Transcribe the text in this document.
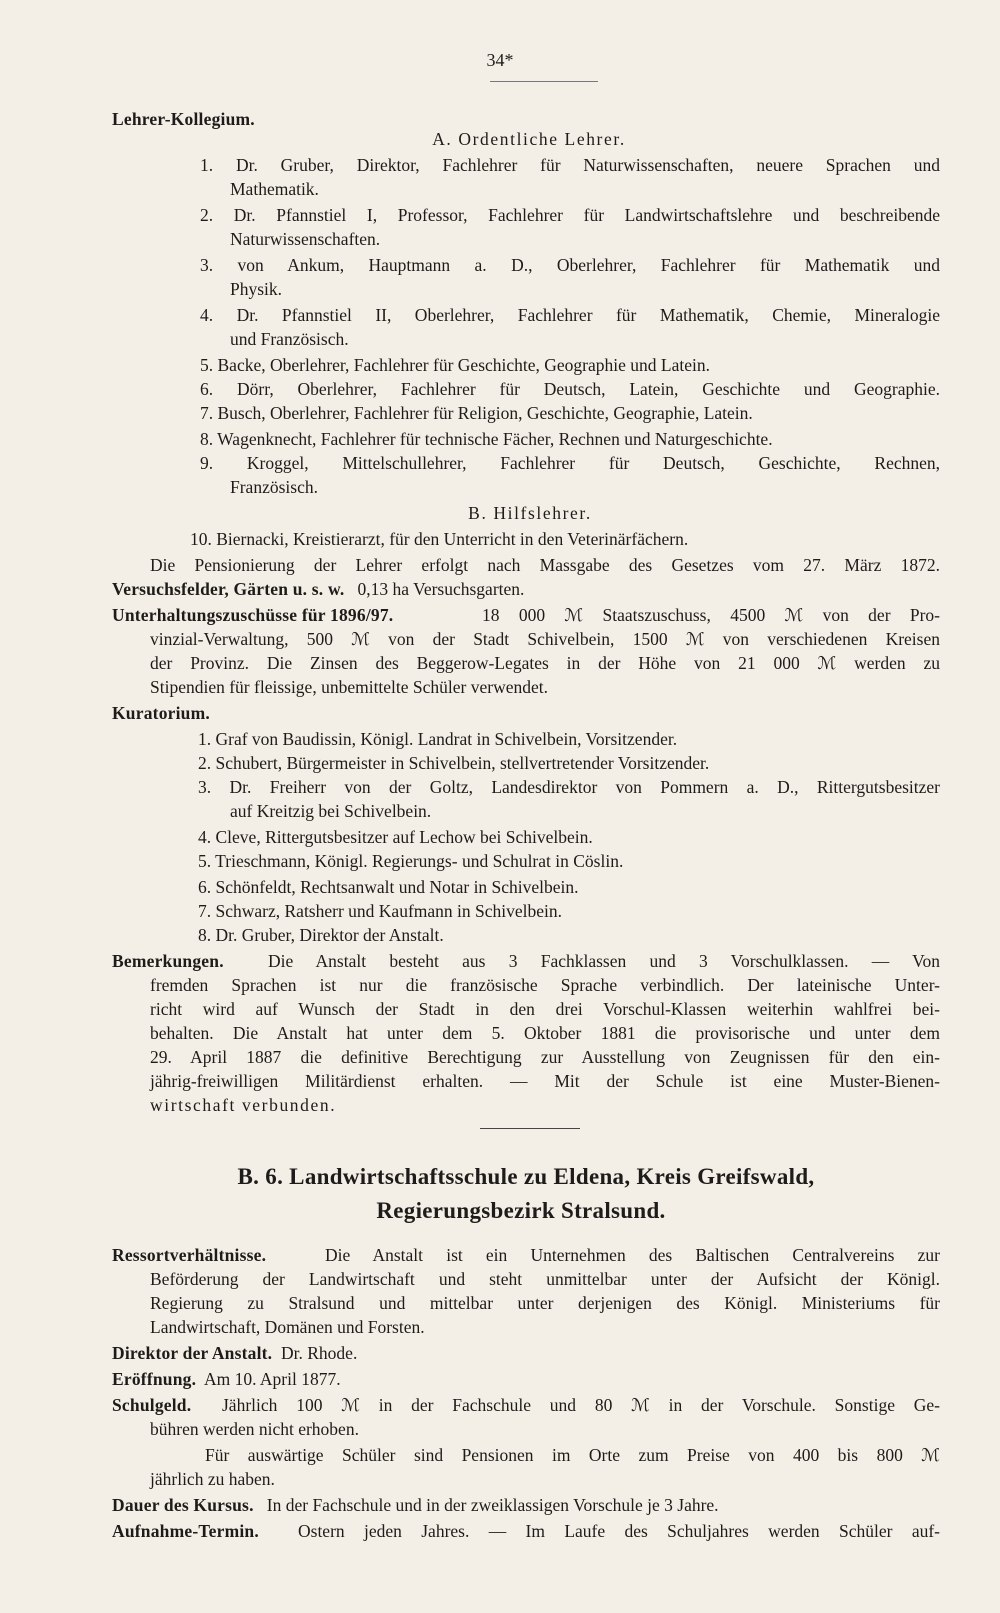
34*
Lehrer-Kollegium.
A. Ordentliche Lehrer.
1. Dr. Gruber, Direktor, Fachlehrer für Naturwissenschaften, neuere Sprachen und
Mathematik.
2. Dr. Pfannstiel I, Professor, Fachlehrer für Landwirtschaftslehre und beschreibende
Naturwissenschaften.
3. von Ankum, Hauptmann a. D., Oberlehrer, Fachlehrer für Mathematik und
Physik.
4. Dr. Pfannstiel II, Oberlehrer, Fachlehrer für Mathematik, Chemie, Mineralogie
und Französisch.
5. Backe, Oberlehrer, Fachlehrer für Geschichte, Geographie und Latein.
6. Dörr, Oberlehrer, Fachlehrer für Deutsch, Latein, Geschichte und Geographie.
7. Busch, Oberlehrer, Fachlehrer für Religion, Geschichte, Geographie, Latein.
8. Wagenknecht, Fachlehrer für technische Fächer, Rechnen und Naturgeschichte.
9. Kroggel, Mittelschullehrer, Fachlehrer für Deutsch, Geschichte, Rechnen,
Französisch.
B. Hilfslehrer.
10. Biernacki, Kreistierarzt, für den Unterricht in den Veterinärfächern.
Die Pensionierung der Lehrer erfolgt nach Massgabe des Gesetzes vom 27. März 1872.
Versuchsfelder, Gärten u. s. w. 0,13 ha Versuchsgarten.
Unterhaltungszuschüsse für 1896/97.	18 000 ℳ Staatszuschuss, 4500 ℳ von der Pro-
vinzial-Verwaltung, 500 ℳ von der Stadt Schivelbein, 1500 ℳ von verschiedenen Kreisen
der Provinz. Die Zinsen des Beggerow-Legates in der Höhe von 21 000 ℳ werden zu
Stipendien für fleissige, unbemittelte Schüler verwendet.
Kuratorium.
1. Graf von Baudissin, Königl. Landrat in Schivelbein, Vorsitzender.
2. Schubert, Bürgermeister in Schivelbein, stellvertretender Vorsitzender.
3. Dr. Freiherr von der Goltz, Landesdirektor von Pommern a. D., Rittergutsbesitzer
auf Kreitzig bei Schivelbein.
4. Cleve, Rittergutsbesitzer auf Lechow bei Schivelbein.
5. Trieschmann, Königl. Regierungs- und Schulrat in Cöslin.
6. Schönfeldt, Rechtsanwalt und Notar in Schivelbein.
7. Schwarz, Ratsherr und Kaufmann in Schivelbein.
8. Dr. Gruber, Direktor der Anstalt.
Bemerkungen.	Die Anstalt besteht aus 3 Fachklassen und 3 Vorschulklassen. — Von
fremden Sprachen ist nur die französische Sprache verbindlich. Der lateinische Unter-
richt wird auf Wunsch der Stadt in den drei Vorschul-Klassen weiterhin wahlfrei bei-
behalten. Die Anstalt hat unter dem 5. Oktober 1881 die provisorische und unter dem
29. April 1887 die definitive Berechtigung zur Ausstellung von Zeugnissen für den ein-
jährig-freiwilligen Militärdienst erhalten. — Mit der Schule ist eine Muster-Bienen-
wirtschaft verbunden.
B. 6. Landwirtschaftsschule zu Eldena, Kreis Greifswald,
Regierungsbezirk Stralsund.
Ressortverhältnisse.	Die Anstalt ist ein Unternehmen des Baltischen Centralvereins zur
Beförderung der Landwirtschaft und steht unmittelbar unter der Aufsicht der Königl.
Regierung zu Stralsund und mittelbar unter derjenigen des Königl. Ministeriums für
Landwirtschaft, Domänen und Forsten.
Direktor der Anstalt. Dr. Rhode.
Eröffnung. Am 10. April 1877.
Schulgeld. Jährlich 100 ℳ in der Fachschule und 80 ℳ in der Vorschule. Sonstige Ge-
bühren werden nicht erhoben.
Für auswärtige Schüler sind Pensionen im Orte zum Preise von 400 bis 800 ℳ
jährlich zu haben.
Dauer des Kursus. In der Fachschule und in der zweiklassigen Vorschule je 3 Jahre.
Aufnahme-Termin. Ostern jeden Jahres. — Im Laufe des Schuljahres werden Schüler auf-
